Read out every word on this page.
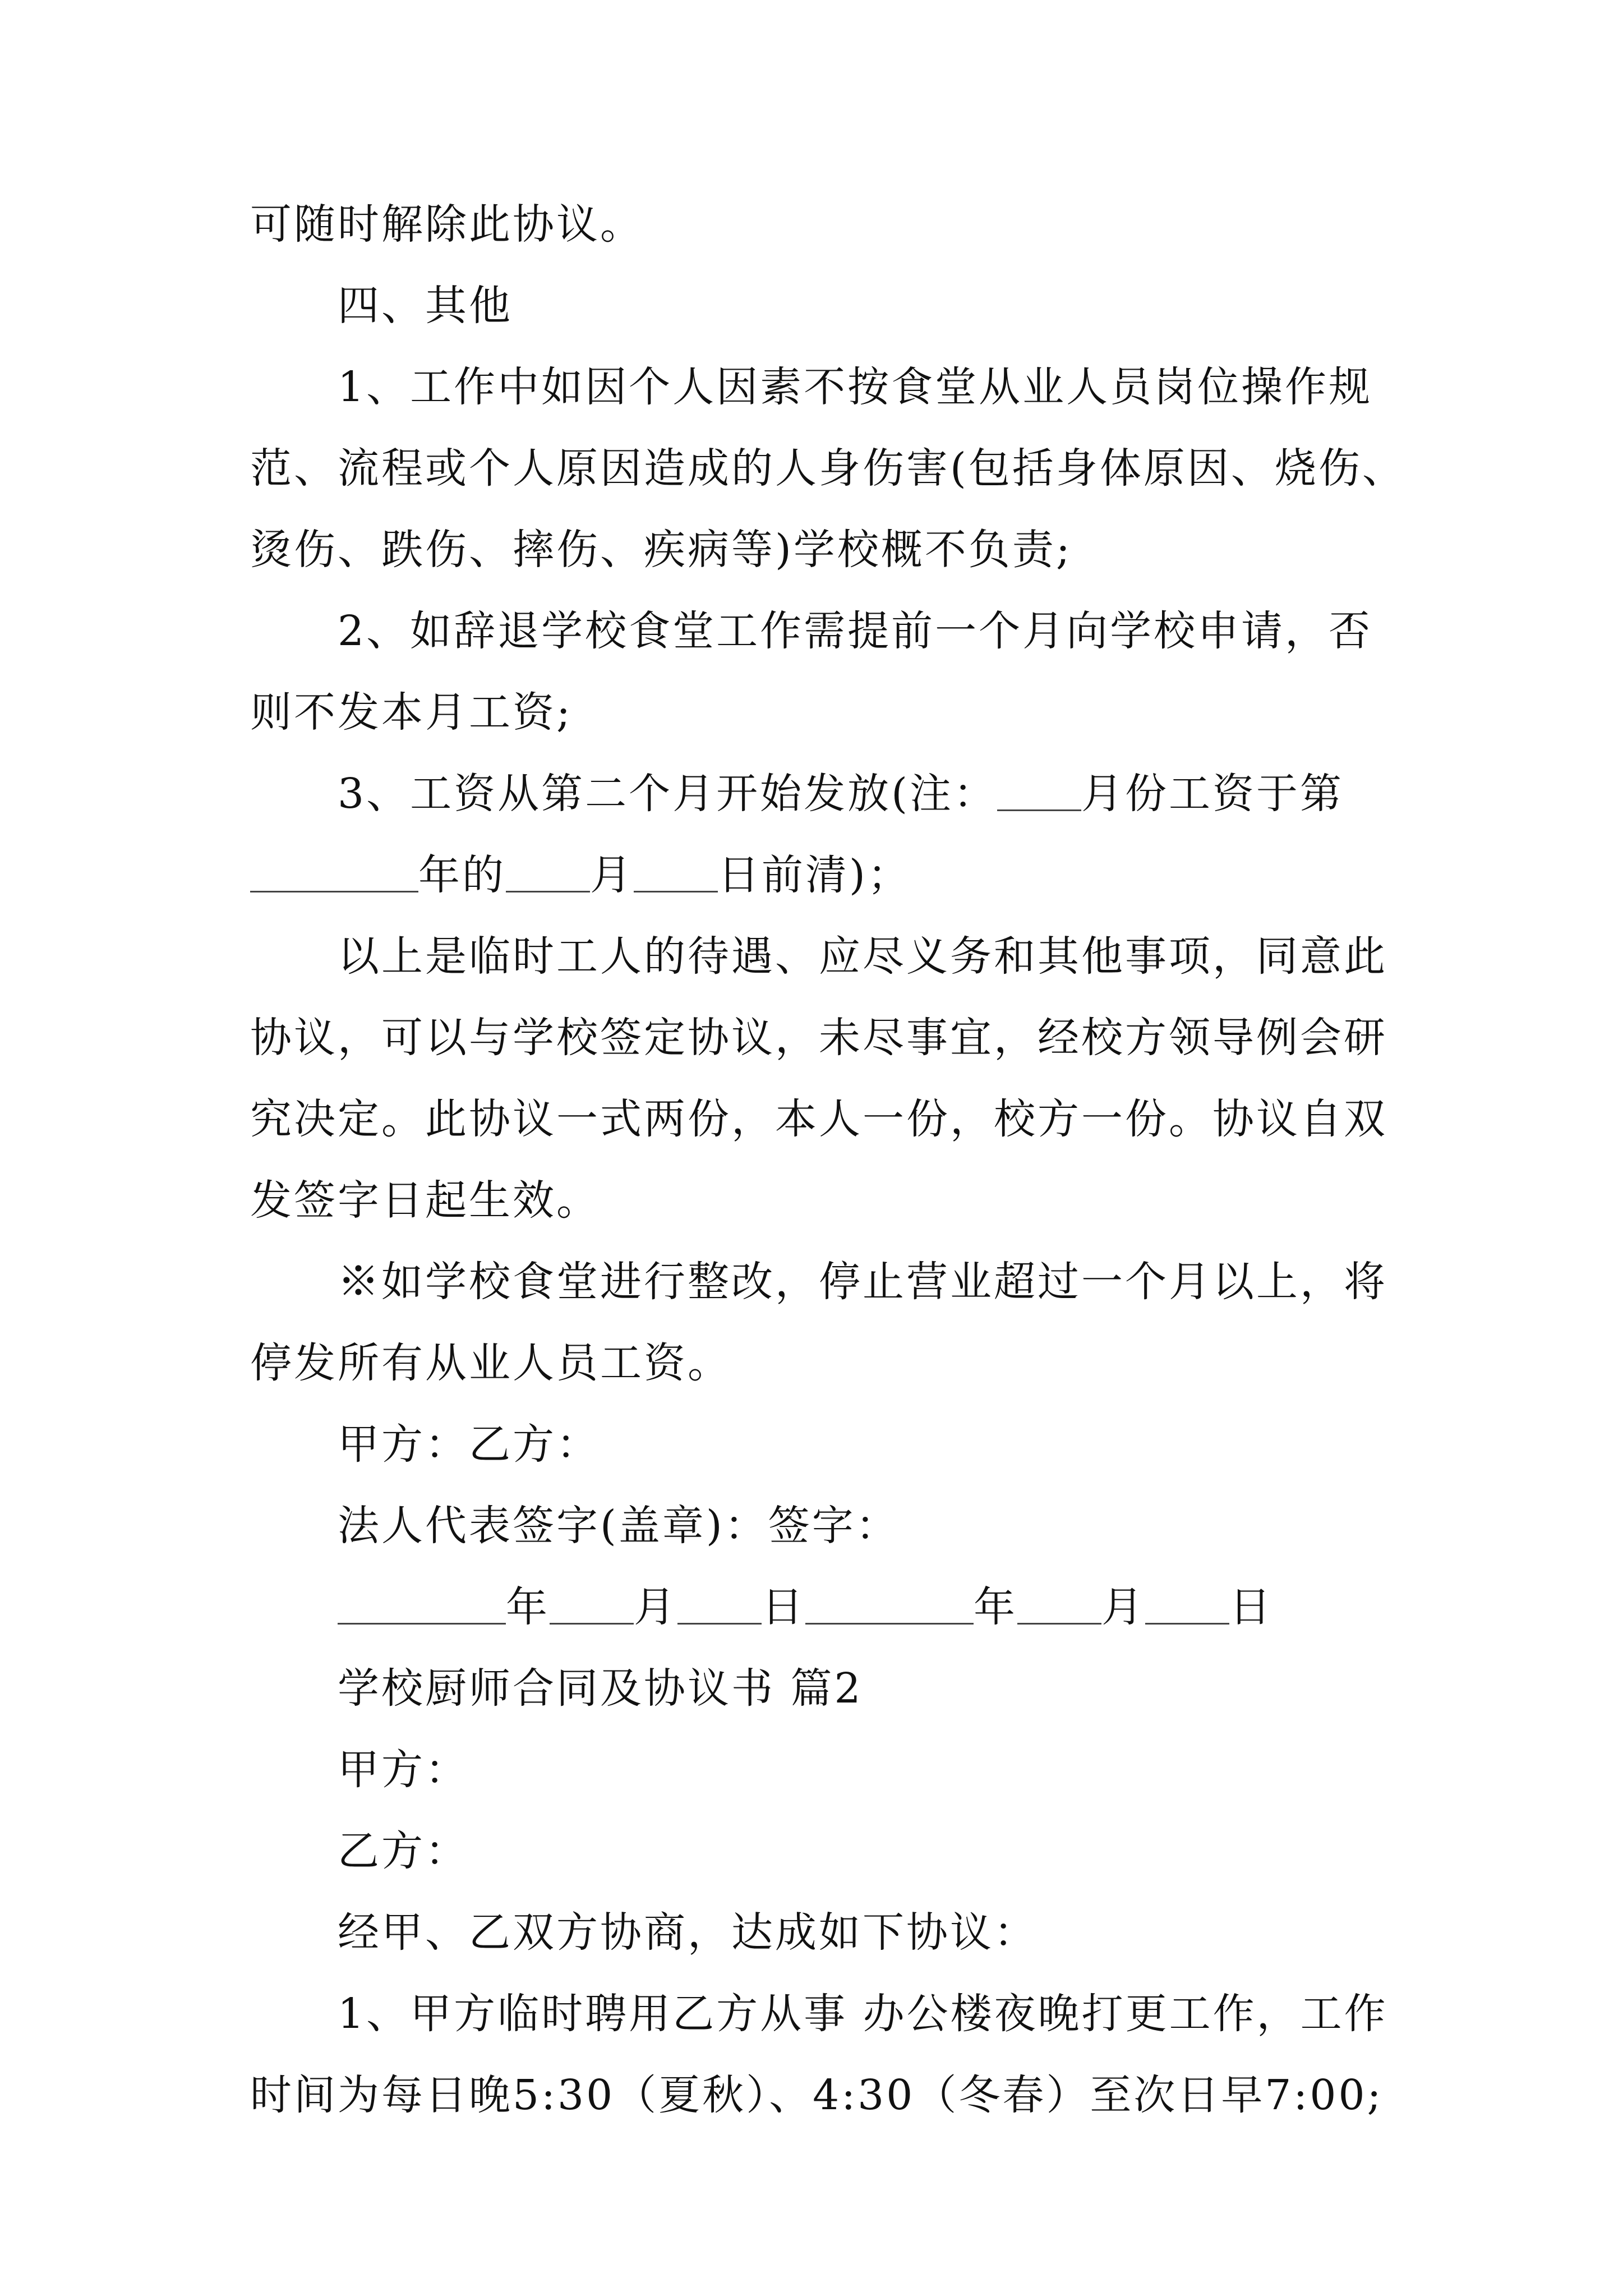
可随时解除此协议。
四、其他
1、工作中如因个人因素不按食堂从业人员岗位操作规
范、流程或个人原因造成的人身伤害(包括身体原因、烧伤、
烫伤、跌伤、摔伤、疾病等)学校概不负责;
2、如辞退学校食堂工作需提前一个月向学校申请，否
则不发本月工资;
3、工资从第二个月开始发放(注： 月份工资于第
年的 月 日前清)；
以上是临时工人的待遇、应尽义务和其他事项，同意此
协议，可以与学校签定协议，未尽事宜，经校方领导例会研
究决定。此协议一式两份，本人一份，校方一份。协议自双
发签字日起生效。
※如学校食堂进行整改，停止营业超过一个月以上，将
停发所有从业人员工资。
甲方：乙方：
法人代表签字(盖章)：签字：
年 月 日	年 月 日
学校厨师合同及协议书 篇2
甲方：
乙方：
经甲、乙双方协商，达成如下协议：
1、甲方临时聘用乙方从事 办公楼夜晚打更工作，工作
时间为每日晚5:30（夏秋）、4:30（冬春）至次日早7:00;
